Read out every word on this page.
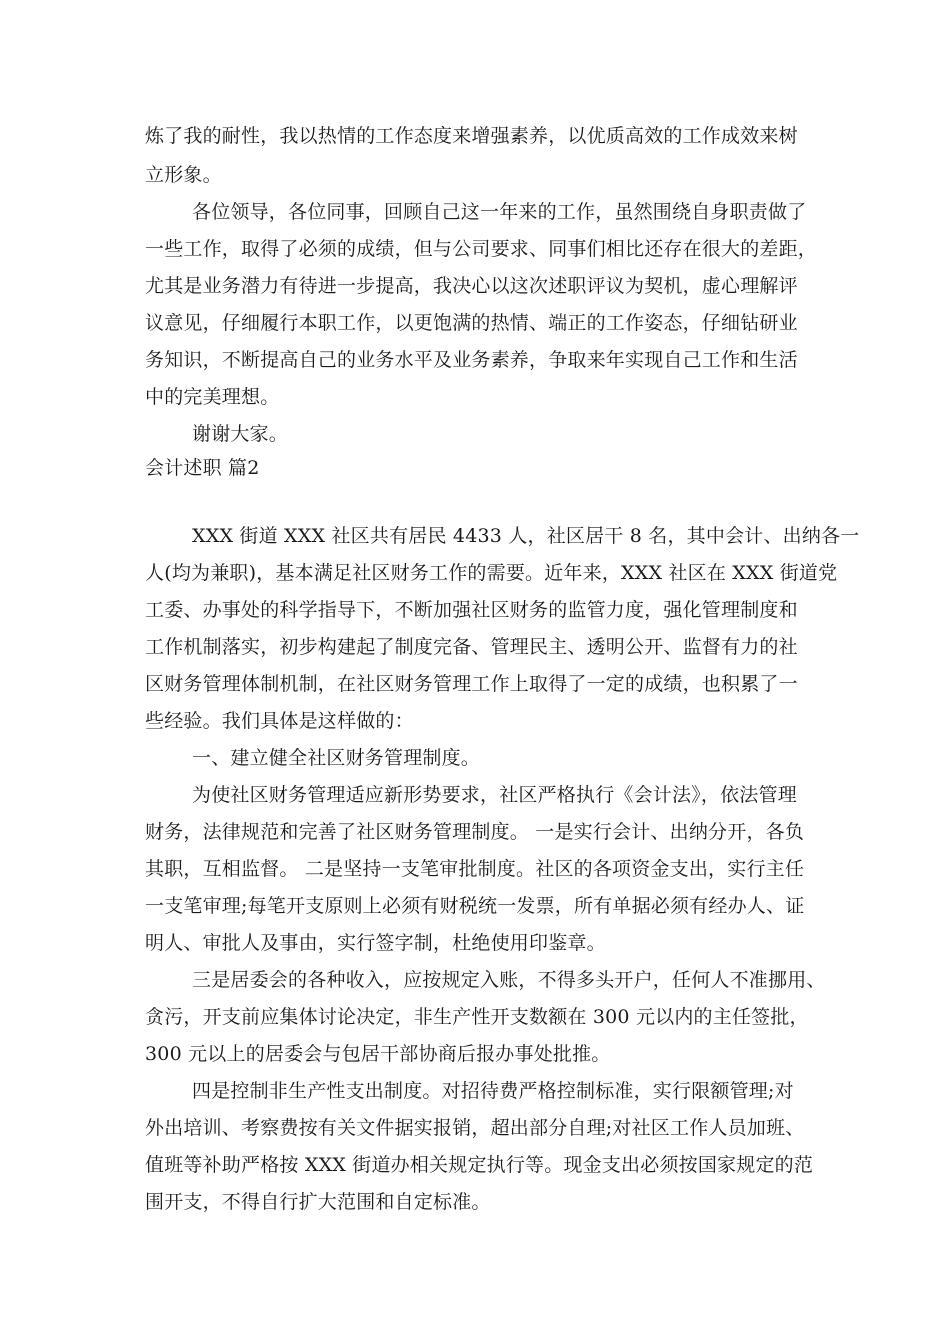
炼了我的耐性，我以热情的工作态度来增强素养，以优质高效的工作成效来树
立形象。
各位领导，各位同事，回顾自己这一年来的工作，虽然围绕自身职责做了
一些工作，取得了必须的成绩，但与公司要求、同事们相比还存在很大的差距，
尤其是业务潜力有待进一步提高，我决心以这次述职评议为契机，虚心理解评
议意见，仔细履行本职工作，以更饱满的热情、端正的工作姿态，仔细钻研业
务知识，不断提高自己的业务水平及业务素养，争取来年实现自己工作和生活
中的完美理想。
谢谢大家。
会计述职 篇2
XXX 街道 XXX 社区共有居民 4433 人，社区居干 8 名，其中会计、出纳各一
人(均为兼职)，基本满足社区财务工作的需要。近年来，XXX 社区在 XXX 街道党
工委、办事处的科学指导下，不断加强社区财务的监管力度，强化管理制度和
工作机制落实，初步构建起了制度完备、管理民主、透明公开、监督有力的社
区财务管理体制机制，在社区财务管理工作上取得了一定的成绩，也积累了一
些经验。我们具体是这样做的：
一、建立健全社区财务管理制度。
为使社区财务管理适应新形势要求，社区严格执行《会计法》，依法管理
财务，法律规范和完善了社区财务管理制度。 一是实行会计、出纳分开，各负
其职，互相监督。 二是坚持一支笔审批制度。社区的各项资金支出，实行主任
一支笔审理;每笔开支原则上必须有财税统一发票，所有单据必须有经办人、证
明人、审批人及事由，实行签字制，杜绝使用印鉴章。
三是居委会的各种收入，应按规定入账，不得多头开户，任何人不准挪用、
贪污，开支前应集体讨论决定，非生产性开支数额在 300 元以内的主任签批，
300 元以上的居委会与包居干部协商后报办事处批推。
四是控制非生产性支出制度。对招待费严格控制标准，实行限额管理;对
外出培训、考察费按有关文件据实报销，超出部分自理;对社区工作人员加班、
值班等补助严格按 XXX 街道办相关规定执行等。现金支出必须按国家规定的范
围开支，不得自行扩大范围和自定标准。
